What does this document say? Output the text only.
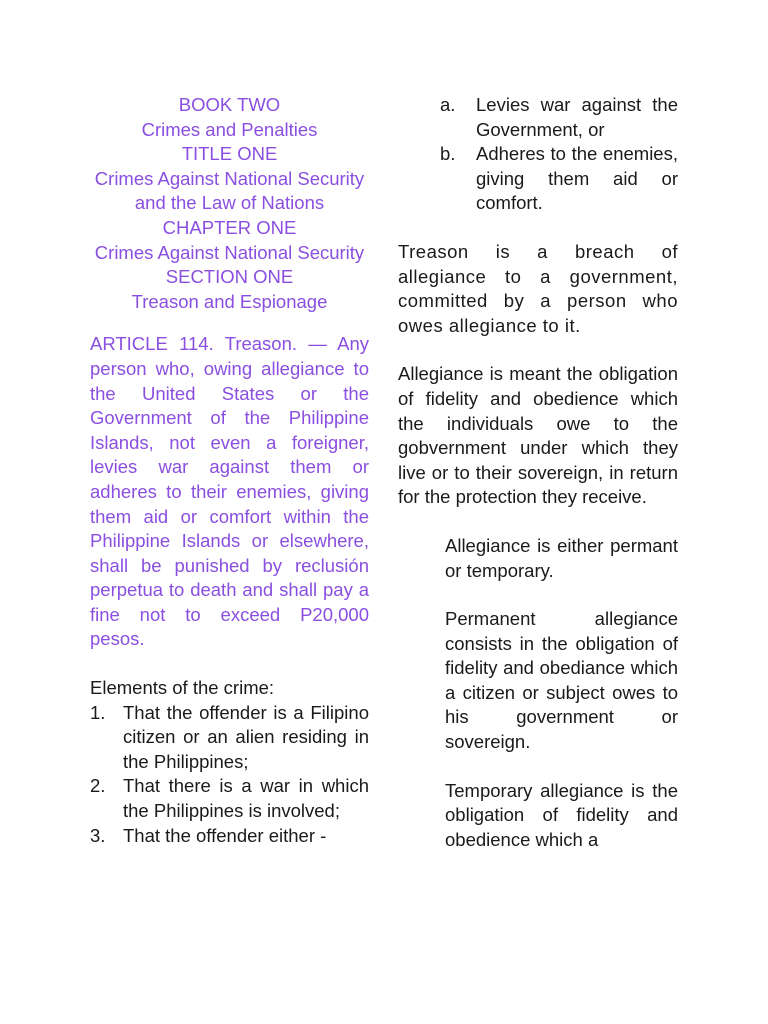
BOOK TWO
Crimes and Penalties
TITLE ONE
Crimes Against National Security and the Law of Nations
CHAPTER ONE
Crimes Against National Security
SECTION ONE
Treason and Espionage

ARTICLE 114. Treason. — Any person who, owing allegiance to the United States or the Government of the Philippine Islands, not even a foreigner, levies war against them or adheres to their enemies, giving them aid or comfort within the Philippine Islands or elsewhere, shall be punished by reclusión perpetua to death and shall pay a fine not to exceed P20,000 pesos.

Elements of the crime:
1. That the offender is a Filipino citizen or an alien residing in the Philippines;
2. That there is a war in which the Philippines is involved;
3. That the offender either -
a.	Levies war against the Government, or
b.	Adheres to the enemies, giving them aid or comfort.

Treason is a breach of allegiance to a government, committed by a person who owes allegiance to it.

Allegiance is meant the obligation of fidelity and obedience which the individuals owe to the gobvernment under which they live or to their sovereign, in return for the protection they receive.

Allegiance is either permant or temporary.

Permanent allegiance consists in the obligation of fidelity and obediance which a citizen or subject owes to his government or sovereign.

Temporary allegiance is the obligation of fidelity and obedience which a
